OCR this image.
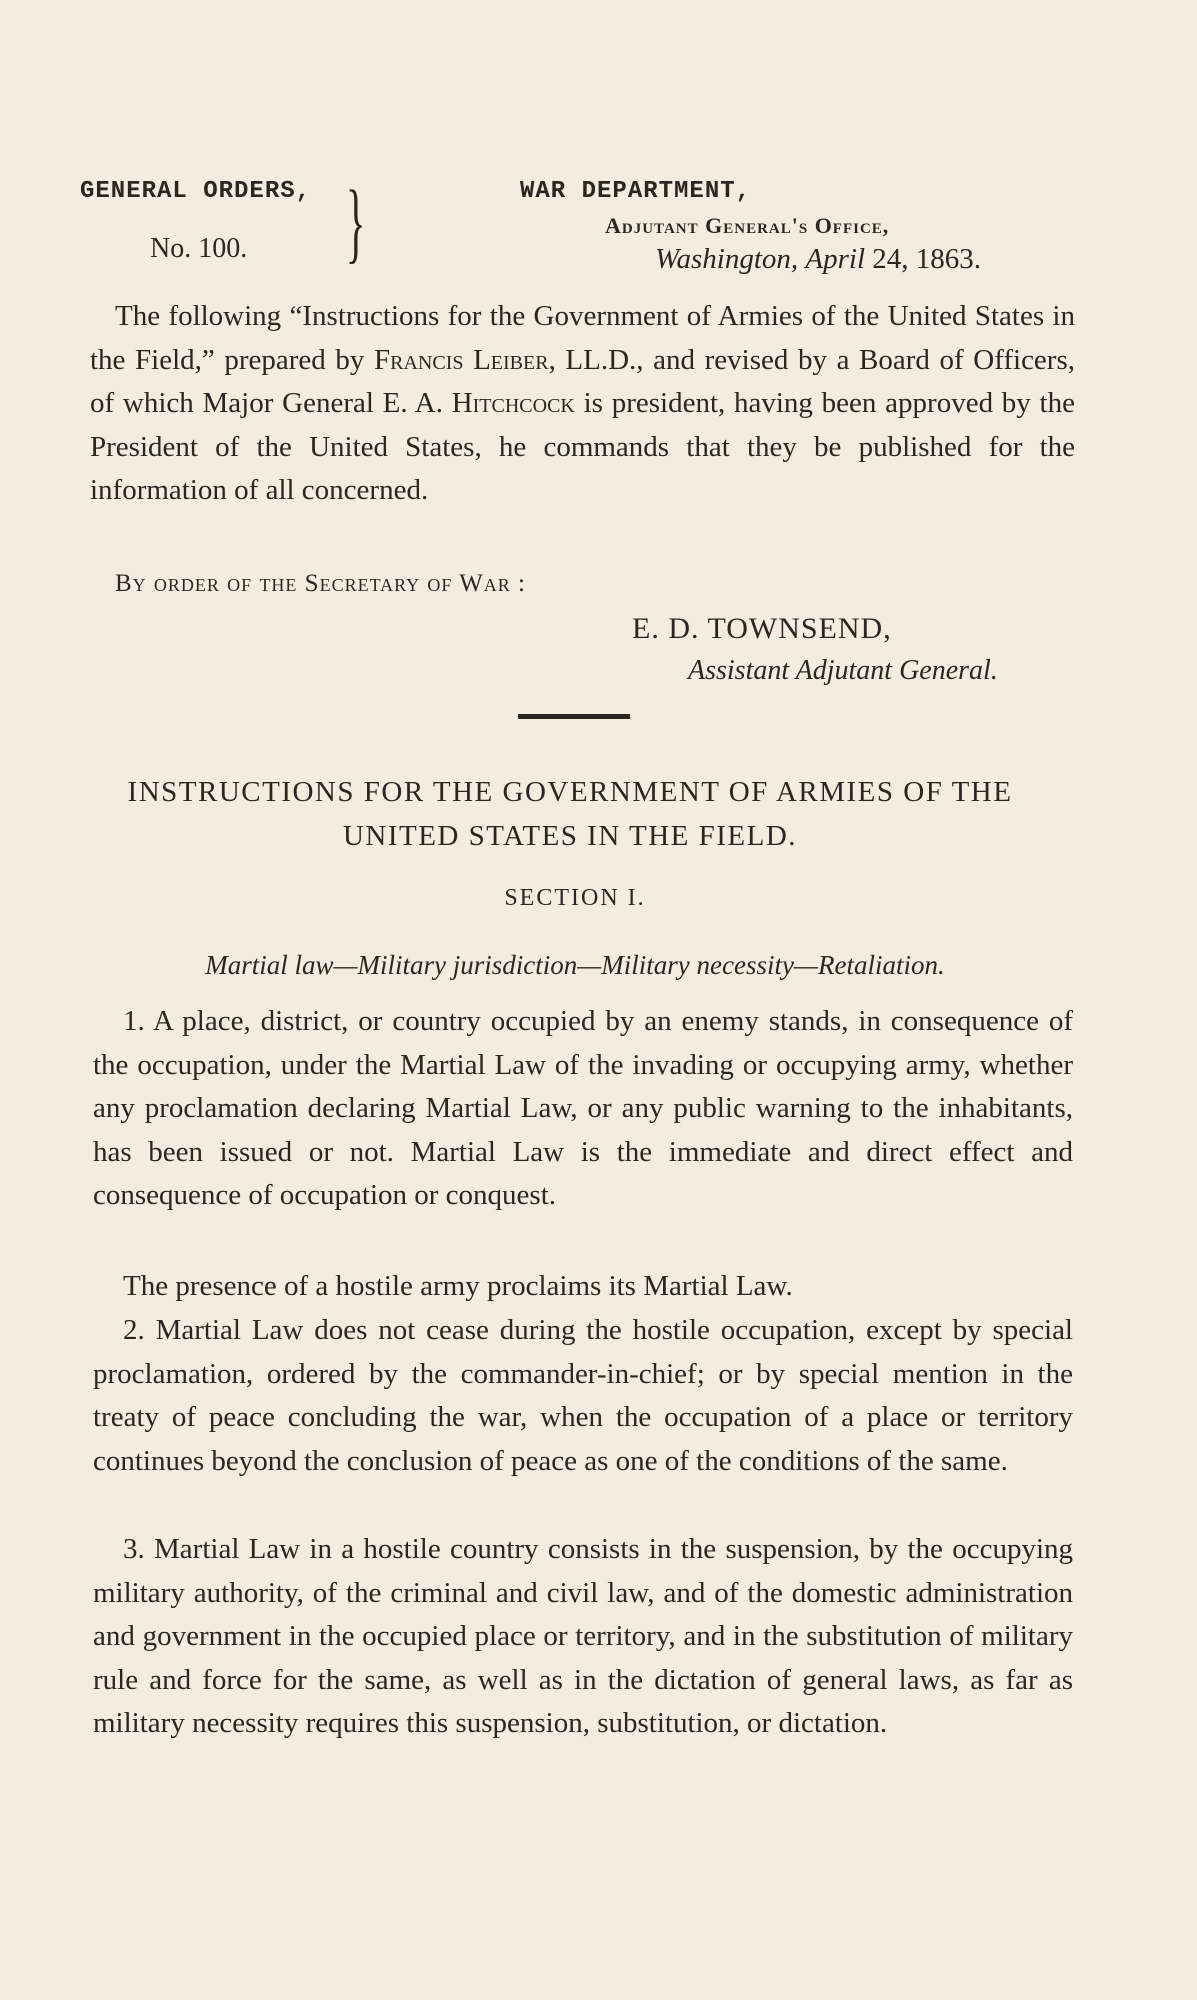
GENERAL ORDERS,
No. 100.	}	WAR DEPARTMENT,
Adjutant General's Office,
Washington, April 24, 1863.
The following “Instructions for the Government of Armies of the United States in the Field,” prepared by Francis Leiber, LL.D., and revised by a Board of Officers, of which Major General E. A. Hitchcock is president, having been approved by the President of the United States, he commands that they be published for the information of all concerned.
By order of the Secretary of War :
E. D. TOWNSEND,
Assistant Adjutant General.
INSTRUCTIONS FOR THE GOVERNMENT OF ARMIES OF THE UNITED STATES IN THE FIELD.
SECTION I.
Martial law—Military jurisdiction—Military necessity—Retaliation.
1. A place, district, or country occupied by an enemy stands, in consequence of the occupation, under the Martial Law of the invading or occupying army, whether any proclamation declaring Martial Law, or any public warning to the inhabitants, has been issued or not. Martial Law is the immediate and direct effect and consequence of occupation or conquest.
The presence of a hostile army proclaims its Martial Law.
2. Martial Law does not cease during the hostile occupation, except by special proclamation, ordered by the commander-in-chief; or by special mention in the treaty of peace concluding the war, when the occupation of a place or territory continues beyond the conclusion of peace as one of the conditions of the same.
3. Martial Law in a hostile country consists in the suspension, by the occupying military authority, of the criminal and civil law, and of the domestic administration and government in the occupied place or territory, and in the substitution of military rule and force for the same, as well as in the dictation of general laws, as far as military necessity requires this suspension, substitution, or dictation.
